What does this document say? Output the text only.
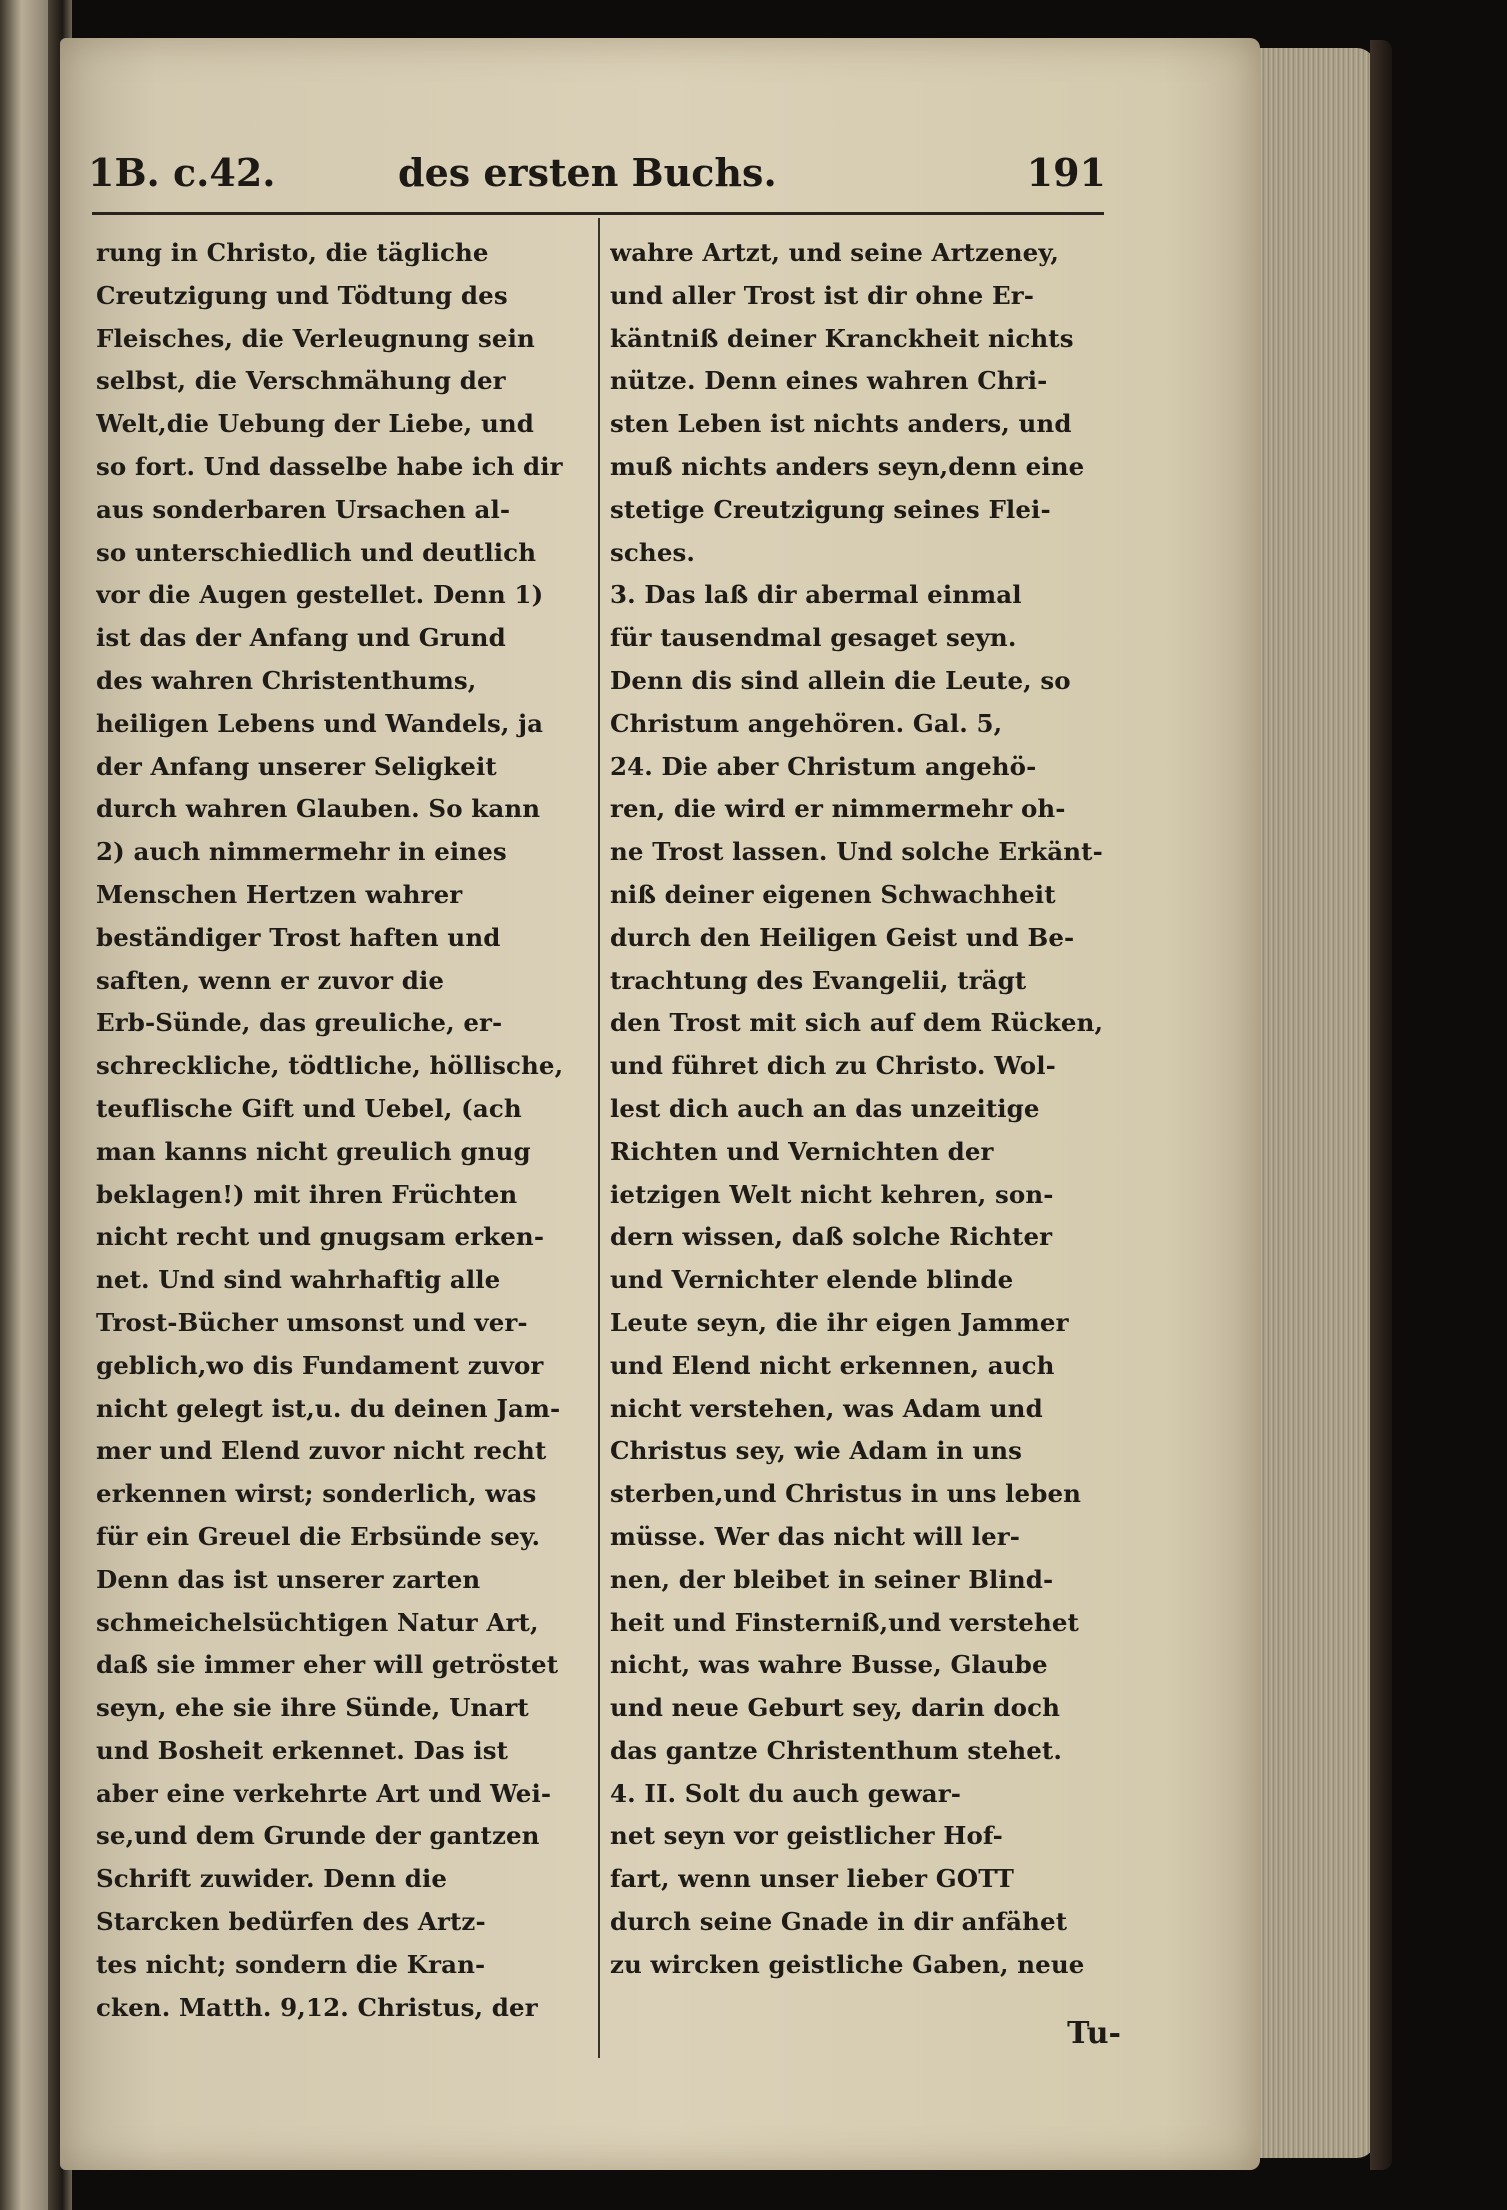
1B. c.42.	des ersten Buchs.	191
rung in Christo, die tägliche
Creutzigung und Tödtung des
Fleisches, die Verleugnung sein
selbst, die Verschmähung der
Welt,die Uebung der Liebe, und
so fort. Und dasselbe habe ich dir
aus sonderbaren Ursachen al-
so unterschiedlich und deutlich
vor die Augen gestellet. Denn 1)
ist das der Anfang und Grund
des wahren Christenthums,
heiligen Lebens und Wandels, ja
der Anfang unserer Seligkeit
durch wahren Glauben. So kann
2) auch nimmermehr in eines
Menschen Hertzen wahrer
beständiger Trost haften und
saften, wenn er zuvor die
Erb-Sünde, das greuliche, er-
schreckliche, tödtliche, höllische,
teuflische Gift und Uebel, (ach
man kanns nicht greulich gnug
beklagen!) mit ihren Früchten
nicht recht und gnugsam erken-
net. Und sind wahrhaftig alle
Trost-Bücher umsonst und ver-
geblich,wo dis Fundament zuvor
nicht gelegt ist,u. du deinen Jam-
mer und Elend zuvor nicht recht
erkennen wirst; sonderlich, was
für ein Greuel die Erbsünde sey.
Denn das ist unserer zarten
schmeichelsüchtigen Natur Art,
daß sie immer eher will getröstet
seyn, ehe sie ihre Sünde, Unart
und Bosheit erkennet. Das ist
aber eine verkehrte Art und Wei-
se,und dem Grunde der gantzen
Schrift zuwider. Denn die
Starcken bedürfen des Artz-
tes nicht; sondern die Kran-
cken. Matth. 9,12. Christus, der
wahre Artzt, und seine Artzeney,
und aller Trost ist dir ohne Er-
käntniß deiner Kranckheit nichts
nütze. Denn eines wahren Chri-
sten Leben ist nichts anders, und
muß nichts anders seyn,denn eine
stetige Creutzigung seines Flei-
sches.
3. Das laß dir abermal einmal
für tausendmal gesaget seyn.
Denn dis sind allein die Leute, so
Christum angehören. Gal. 5,
24. Die aber Christum angehö-
ren, die wird er nimmermehr oh-
ne Trost lassen. Und solche Erkänt-
niß deiner eigenen Schwachheit
durch den Heiligen Geist und Be-
trachtung des Evangelii, trägt
den Trost mit sich auf dem Rücken,
und führet dich zu Christo. Wol-
lest dich auch an das unzeitige
Richten und Vernichten der
ietzigen Welt nicht kehren, son-
dern wissen, daß solche Richter
und Vernichter elende blinde
Leute seyn, die ihr eigen Jammer
und Elend nicht erkennen, auch
nicht verstehen, was Adam und
Christus sey, wie Adam in uns
sterben,und Christus in uns leben
müsse. Wer das nicht will ler-
nen, der bleibet in seiner Blind-
heit und Finsterniß,und verstehet
nicht, was wahre Busse, Glaube
und neue Geburt sey, darin doch
das gantze Christenthum stehet.
4. II. Solt du auch gewar-
net seyn vor geistlicher Hof-
fart, wenn unser lieber GOTT
durch seine Gnade in dir anfähet
zu wircken geistliche Gaben, neue
Tu-
